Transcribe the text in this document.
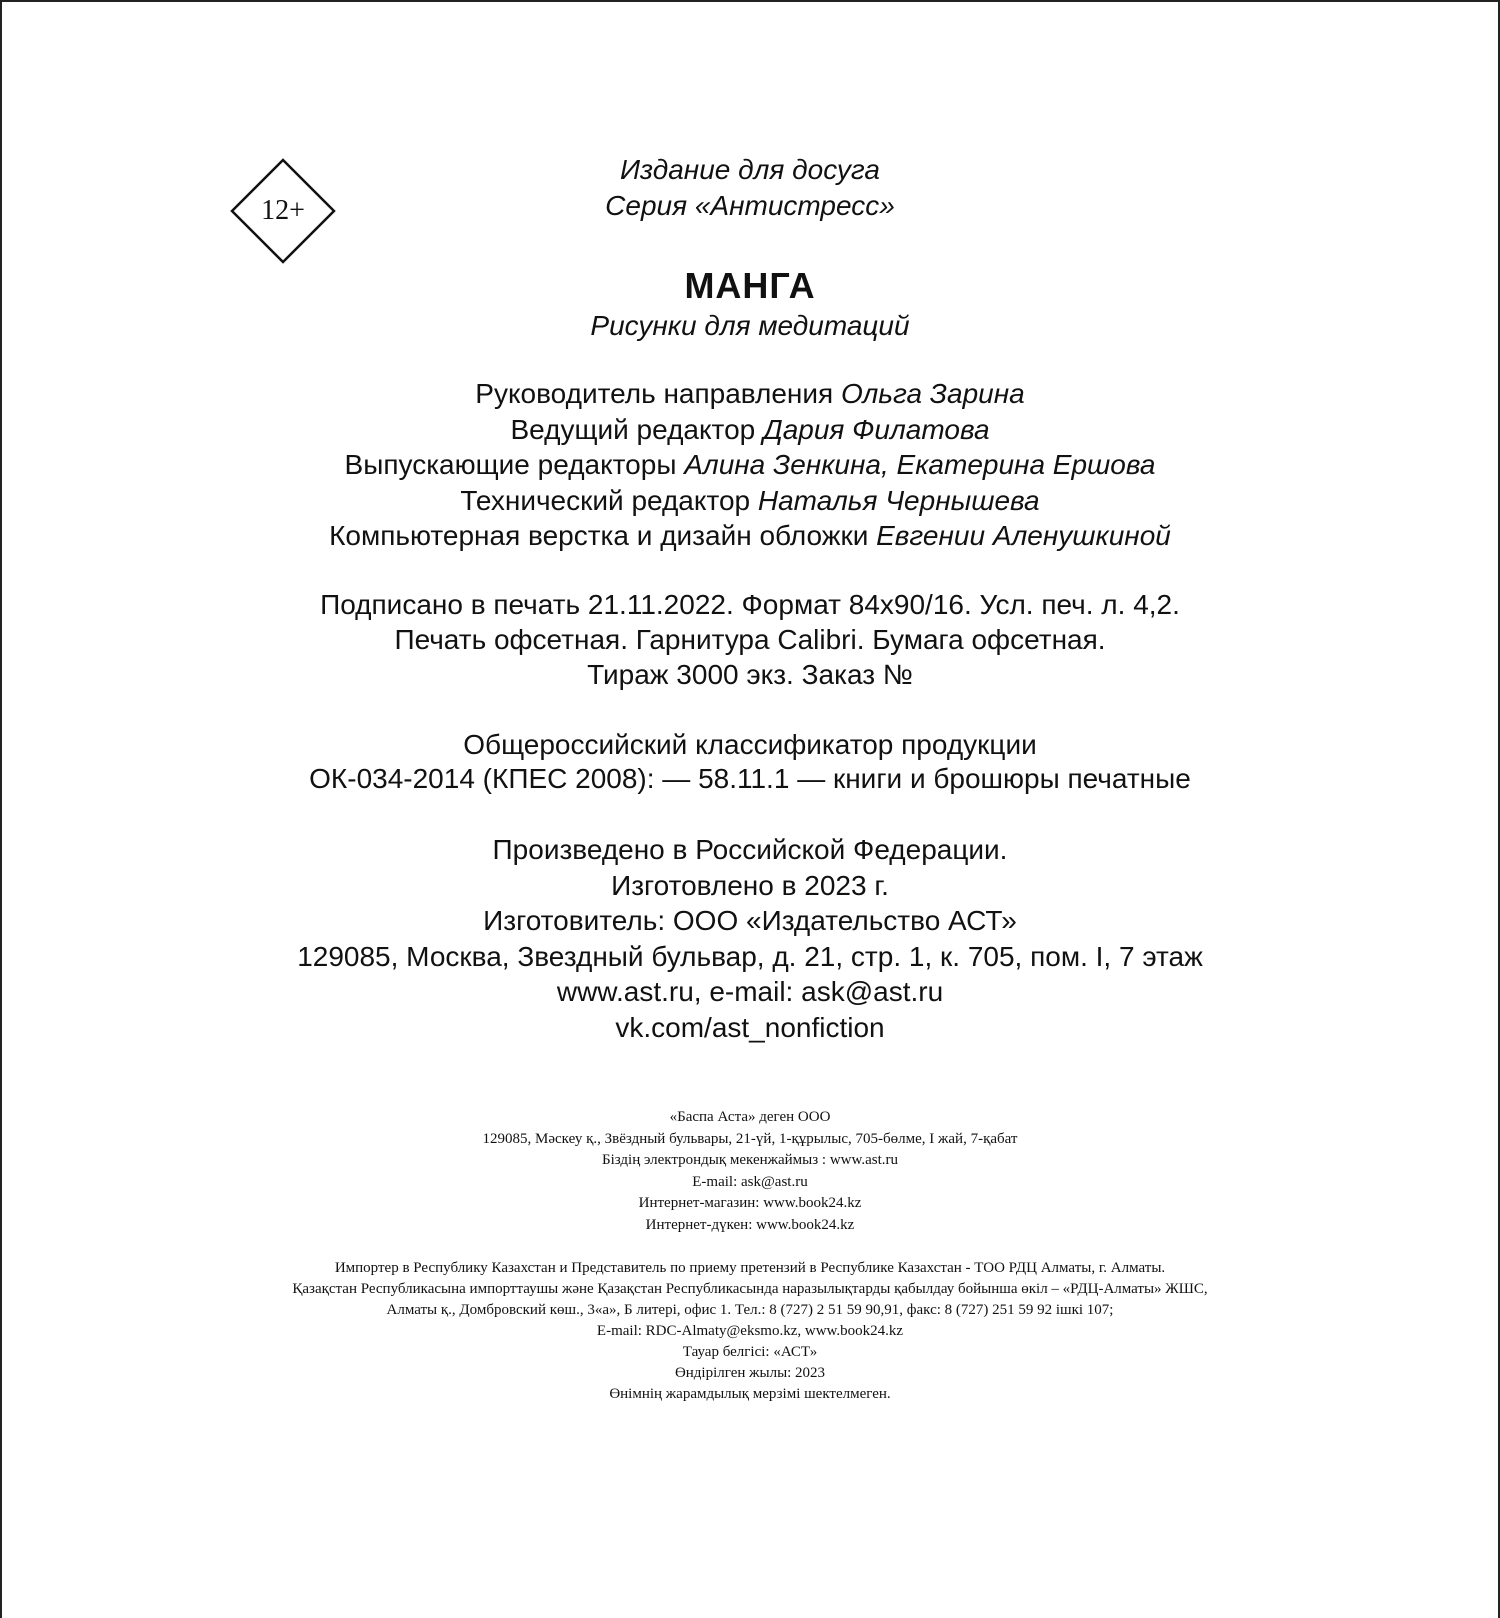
12+
Издание для досуга
Серия «Антистресс»
МАНГА
Рисунки для медитаций
Руководитель направления Ольга Зарина
Ведущий редактор Дария Филатова
Выпускающие редакторы Алина Зенкина, Екатерина Ершова
Технический редактор Наталья Чернышева
Компьютерная верстка и дизайн обложки Евгении Аленушкиной
Подписано в печать 21.11.2022. Формат 84x90/16. Усл. печ. л. 4,2.
Печать офсетная. Гарнитура Calibri. Бумага офсетная.
Тираж 3000 экз. Заказ №
Общероссийский классификатор продукции
ОК-034-2014 (КПЕС 2008): — 58.11.1 — книги и брошюры печатные
Произведено в Российской Федерации.
Изготовлено в 2023 г.
Изготовитель: ООО «Издательство АСТ»
129085, Москва, Звездный бульвар, д. 21, стр. 1, к. 705, пом. I, 7 этаж
www.ast.ru, e-mail: ask@ast.ru
vk.com/ast_nonfiction
«Баспа Аста» деген ООО
129085, Мәскеу қ., Звёздный бульвары, 21-үй, 1-құрылыс, 705-бөлме, I жай, 7-қабат
Біздің электрондық мекенжаймыз : www.ast.ru
E-mail: ask@ast.ru
Интернет-магазин: www.book24.kz
Интернет-дүкен: www.book24.kz
Импортер в Республику Казахстан и Представитель по приему претензий в Республике Казахстан - ТОО РДЦ Алматы, г. Алматы.
Қазақстан Республикасына импорттаушы және Қазақстан Республикасында наразылықтарды қабылдау бойынша өкіл – «РДЦ-Алматы» ЖШС,
Алматы қ., Домбровский көш., 3«а», Б литері, офис 1. Тел.: 8 (727) 2 51 59 90,91, факс: 8 (727) 251 59 92 ішкі 107;
E-mail: RDC-Almaty@eksmo.kz, www.book24.kz
Тауар белгісі: «АСТ»
Өндірілген жылы: 2023
Өнімнің жарамдылық мерзімі шектелмеген.
